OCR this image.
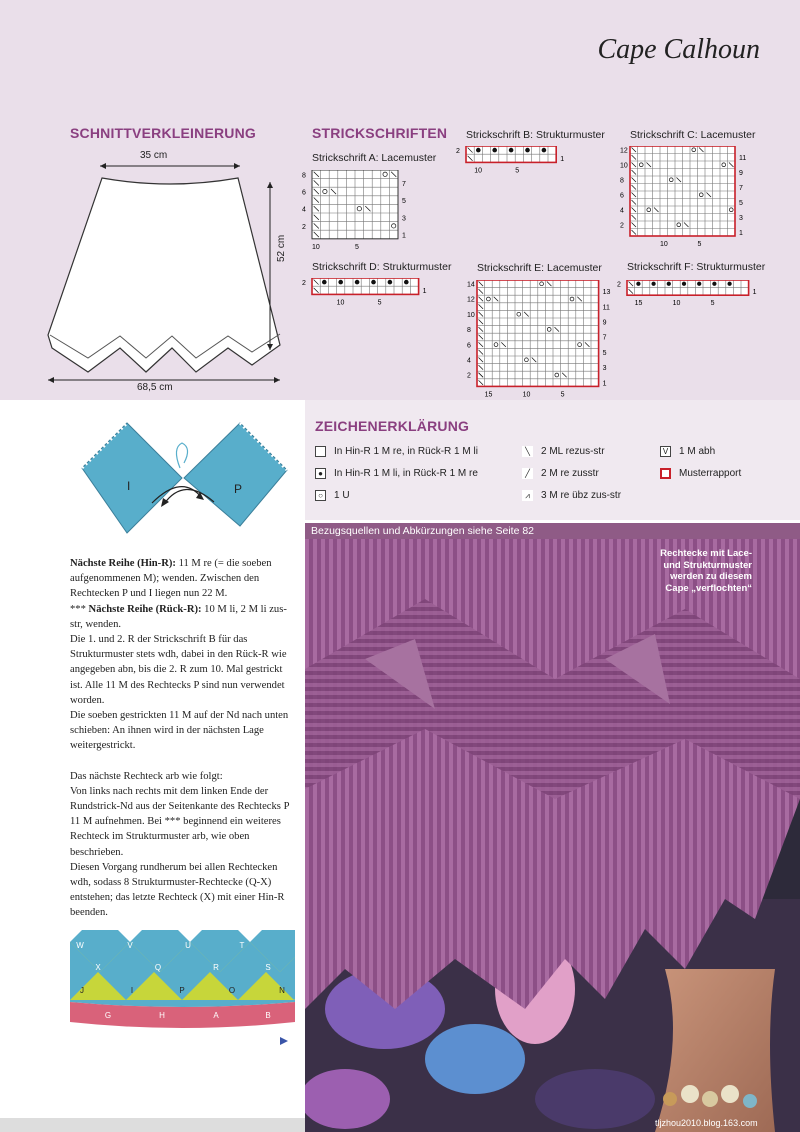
Cape Calhoun
SCHNITTVERKLEINERUNG
35 cm
52 cm
68,5 cm
STRICKSCHRIFTEN
Strickschrift A: Lacemuster
Strickschrift B: Strukturmuster Strickschrift C: Lacemuster
Strickschrift D: Strukturmuster Strickschrift E: Lacemuster Strickschrift F: Strukturmuster
8
6
4
2
7
5
3
1
10	5
2
1
10	5
12
10
8
6
4
2
11
9
7
5
3
1
10	5
2
1
10	5
14
12
10
8
6
4
2
13
11
9
7
5
3
1
15	10	5
2
1
15	10	5
ZEICHENERKLÄRUNG
In Hin-R 1 M re, in Rück-R 1 M li
●	In Hin-R 1 M li, in Rück-R 1 M re
○	1 U
╲	2 ML rezus-str
╱	2 M re zusstr
⩘	3 M re übz zus-str
V 1 M abh
Musterrapport
I	P

Nächste Reihe (Hin-R): 11 M re (= die soeben aufgenommenen M); wenden. Zwischen den Rechtecken P und I liegen nun 22 M.

*** Nächste Reihe (Rück-R): 10 M li, 2 M li zus-str, wenden.

Die 1. und 2. R der Strickschrift B für das Strukturmuster stets wdh, dabei in den Rück-R wie angegeben abn, bis die 2. R zum 10. Mal gestrickt ist. Alle 11 M des Rechtecks P sind nun verwendet worden.

Die soeben gestrickten 11 M auf der Nd nach unten schieben: An ihnen wird in der nächsten Lage weitergestrickt.

Das nächste Rechteck arb wie folgt:

Von links nach rechts mit dem linken Ende der Rundstrick-Nd aus der Seitenkante des Rechtecks P 11 M aufnehmen. Bei *** beginnend ein weiteres Rechteck im Strukturmuster arb, wie oben beschrieben.

Diesen Vorgang rundherum bei allen Rechtecken wdh, sodass 8 Strukturmuster-Rechtecke (Q-X) entstehen; das letzte Rechteck (X) mit einer Hin-R beenden.

W	V	U	T
X	Q	R	S
J	I	P	O	N
G	H	A	B
Bezugsquellen und Abkürzungen siehe Seite 82
Rechtecke mit Lace-
und Strukturmuster
werden zu diesem
Cape „verflochten“
tljzhou2010.blog.163.com
